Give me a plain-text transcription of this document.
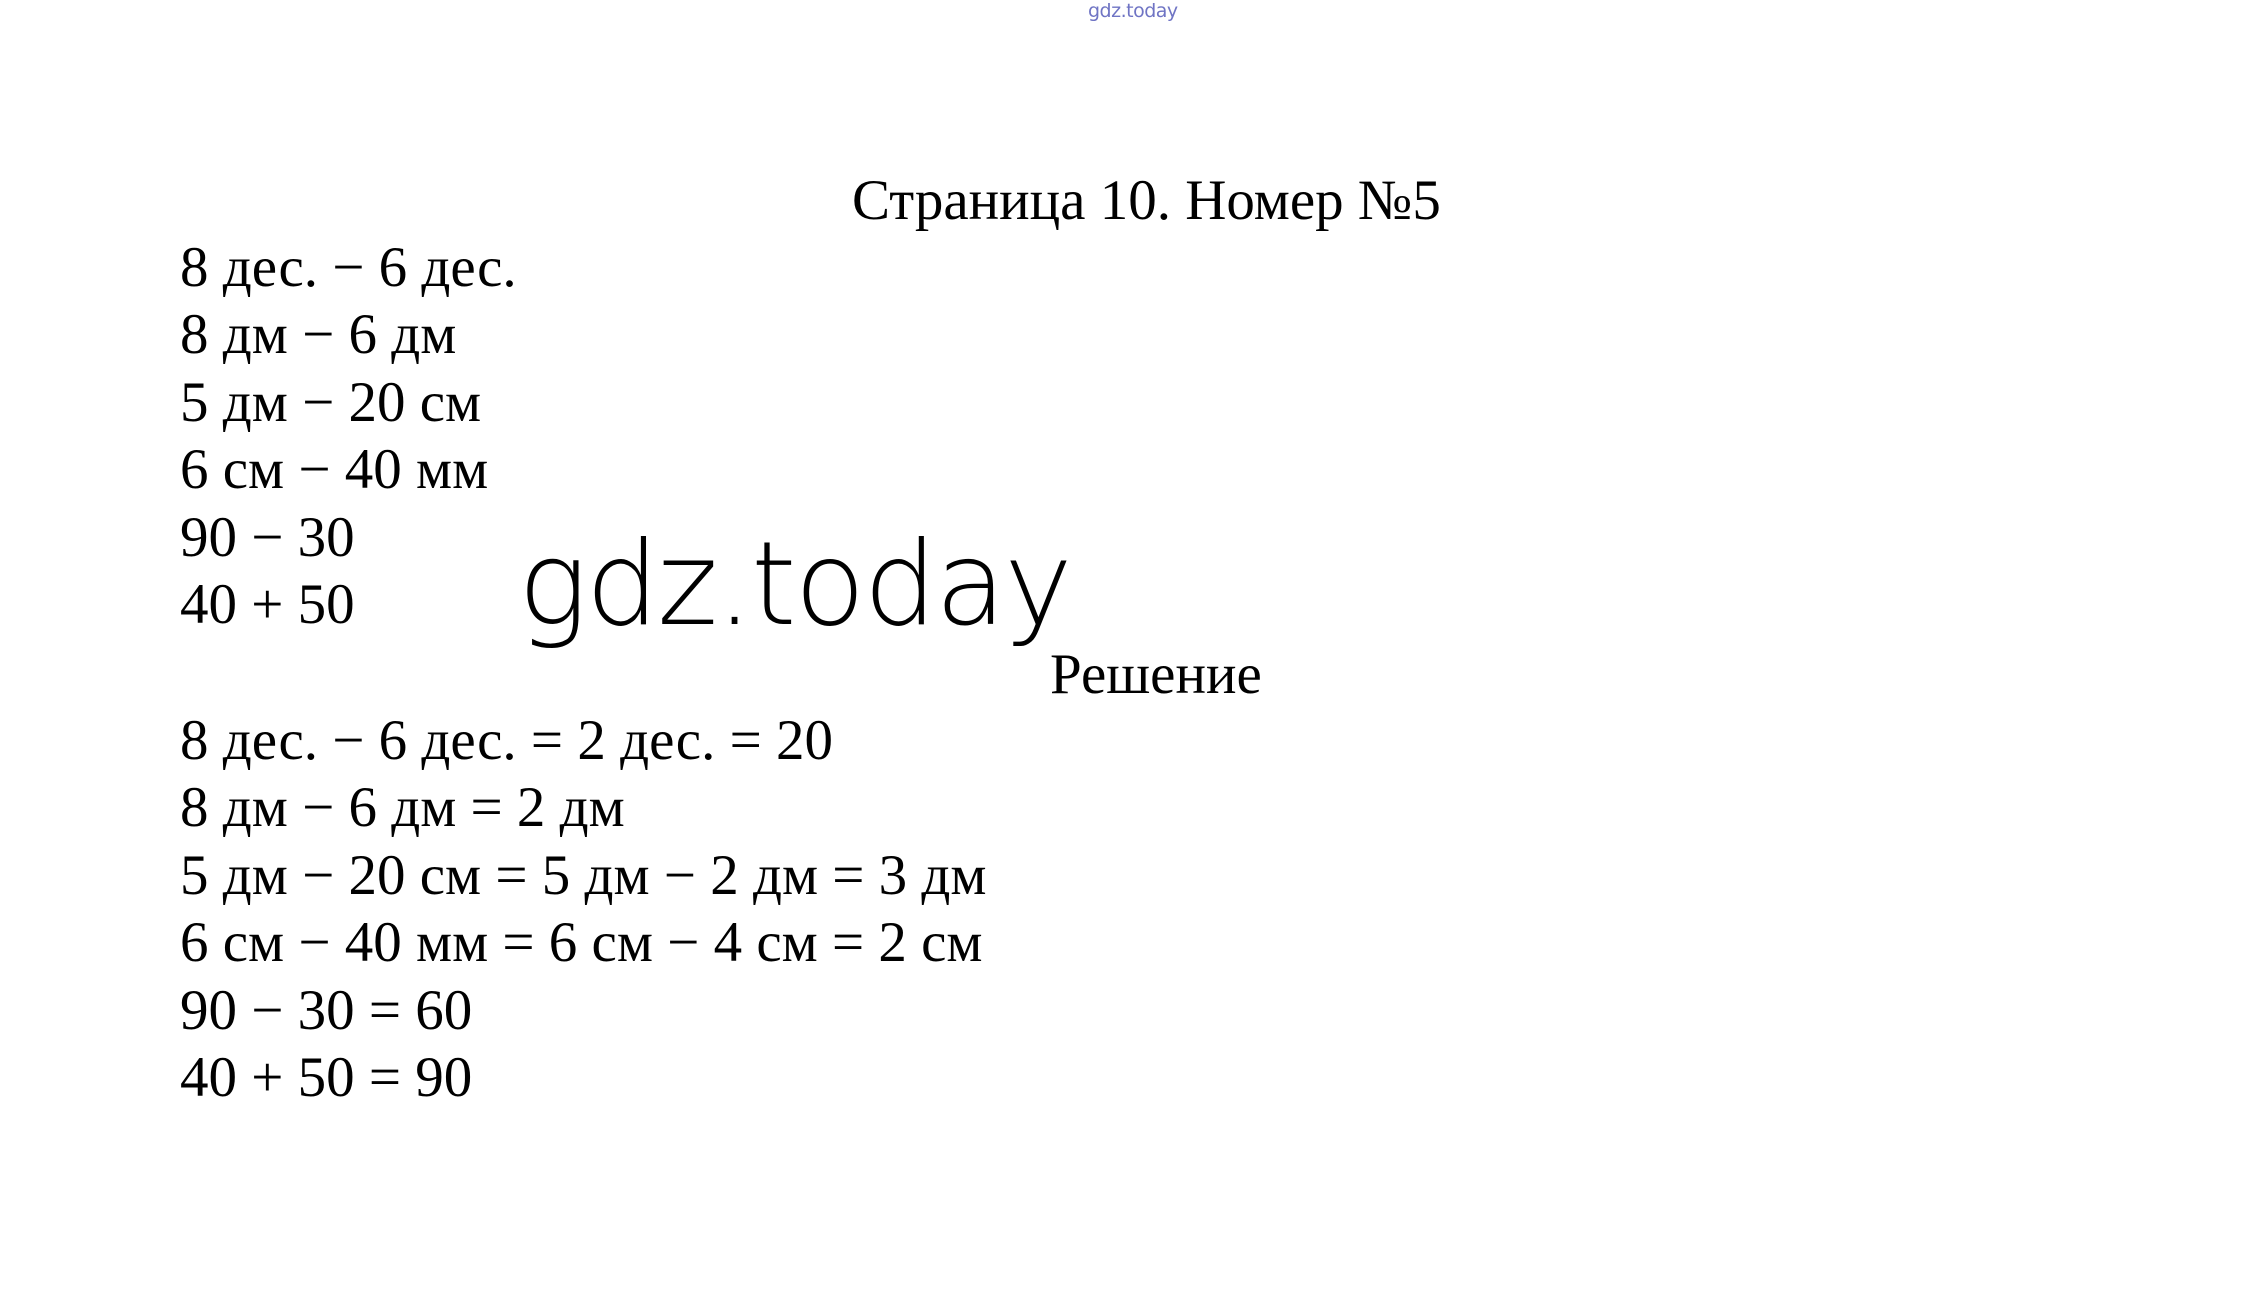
gdz.today
Страница 10. Номер №5
8 дес. − 6 дес.
8 дм − 6 дм
5 дм − 20 см
6 см − 40 мм
90 − 30
40 + 50	gdz.today
Решение
8 дес. − 6 дес. = 2 дес. = 20
8 дм − 6 дм = 2 дм
5 дм − 20 см = 5 дм − 2 дм = 3 дм
6 см − 40 мм = 6 см − 4 см = 2 см
90 − 30 = 60
40 + 50 = 90
